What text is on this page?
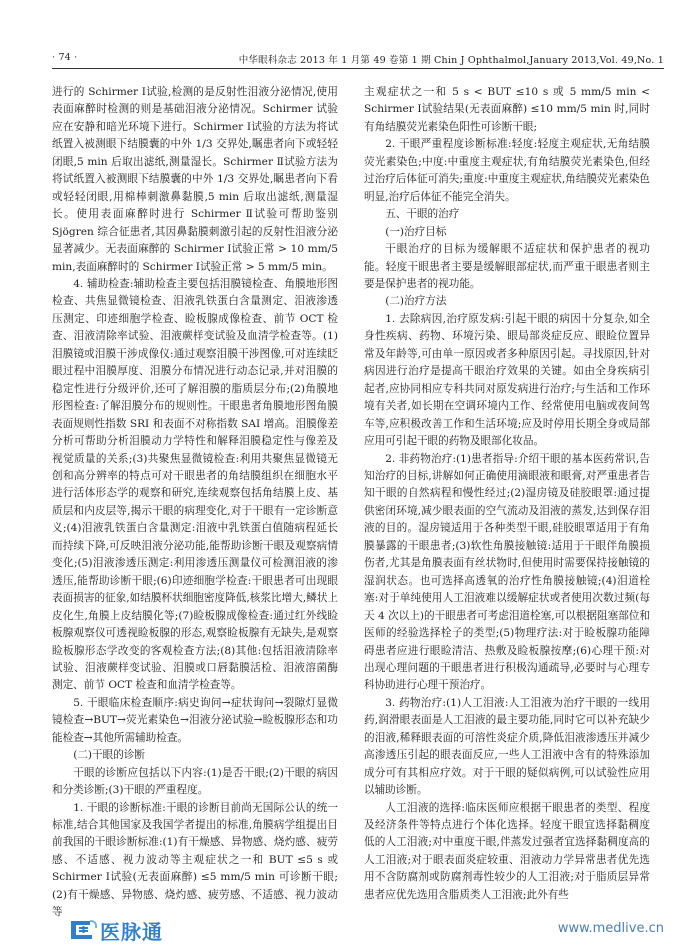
· 74 ·	中华眼科杂志 2013 年 1 月第 49 卷第 1 期 Chin J Ophthalmol,January 2013,Vol. 49,No. 1

进行的 Schirmer Ⅰ试验,检测的是反射性泪液分泌情况,使用表面麻醉时检测的则是基础泪液分泌情况。Schirmer 试验应在安静和暗光环境下进行。Schirmer Ⅰ试验的方法为将试纸置入被测眼下结膜囊的中外 1/3 交界处,瞩患者向下或轻轻闭眼,5 min 后取出滤纸,测量湿长。Schirmer Ⅱ试验方法为将试纸置入被测眼下结膜囊的中外 1/3 交界处,瞩患者向下看或轻轻闭眼,用棉棒刺激鼻黏膜,5 min 后取出滤纸,测量湿长。使用表面麻醉时进行 Schirmer Ⅱ试验可帮助鉴别 Sjögren 综合征患者,其因鼻黏膜刺激引起的反射性泪液分泌显著减少。无表面麻醉的 Schirmer Ⅰ试验正常 > 10 mm/5 min,表面麻醉时的 Schirmer Ⅰ试验正常 > 5 mm/5 min。

4. 辅助检查:辅助检查主要包括泪膜镜检查、角膜地形图检查、共焦显微镜检查、泪液乳铁蛋白含量测定、泪液渗透压测定、印迹细胞学检查、睑板腺成像检查、前节 OCT 检查、泪液清除率试验、泪液蕨样变试验及血清学检查等。(1)泪膜镜或泪膜干涉成像仪:通过观察泪膜干涉图像,可对连续眨眼过程中泪膜厚度、泪膜分布情况进行动态记录,并对泪膜的稳定性进行分级评价,还可了解泪膜的脂质层分布;(2)角膜地形图检查:了解泪膜分布的规则性。干眼患者角膜地形图角膜表面规则性指数 SRI 和表面不对称指数 SAI 增高。泪膜像差分析可帮助分析泪膜动力学特性和解释泪膜稳定性与像差及视觉质量的关系;(3)共聚焦显微镜检查:利用共聚焦显微镜无创和高分辨率的特点可对干眼患者的角结膜组织在细胞水平进行活体形态学的观察和研究,连续观察包括角结膜上皮、基质层和内皮层等,揭示干眼的病理变化,对于干眼有一定诊断意义;(4)泪液乳铁蛋白含量测定:泪液中乳铁蛋白值随病程延长而持续下降,可反映泪液分泌功能,能帮助诊断干眼及观察病情变化;(5)泪液渗透压测定:利用渗透压测量仪可检测泪液的渗透压,能帮助诊断干眼;(6)印迹细胞学检查:干眼患者可出现眼表面损害的征象,如结膜杯状细胞密度降低,核浆比增大,鳞状上皮化生,角膜上皮结膜化等;(7)睑板腺成像检查:通过红外线睑板腺观察仪可透视睑板腺的形态,观察睑板腺有无缺失,是观察睑板腺形态学改变的客观检查方法;(8)其他:包括泪液清除率试验、泪液蕨样变试验、泪膜或口唇黏膜活检、泪液溶菌酶测定、前节 OCT 检查和血清学检查等。

5. 干眼临床检查顺序:病史询问→症状询问→裂隙灯显微镜检查→BUT→荧光素染色→泪液分泌试验→睑板腺形态和功能检查→其他所需辅助检查。

(二)干眼的诊断

干眼的诊断应包括以下内容:(1)是否干眼;(2)干眼的病因和分类诊断;(3)干眼的严重程度。

1. 干眼的诊断标准:干眼的诊断目前尚无国际公认的统一标准,结合其他国家及我国学者提出的标准,角膜病学组提出目前我国的干眼诊断标准:(1)有干燥感、异物感、烧灼感、疲劳感、不适感、视力波动等主观症状之一和 BUT ≤5 s 或 Schirmer Ⅰ试验(无表面麻醉) ≤5 mm/5 min 可诊断干眼;(2)有干燥感、异物感、烧灼感、疲劳感、不适感、视力波动等

主观症状之一和 5 s < BUT ≤10 s 或 5 mm/5 min < Schirmer Ⅰ试验结果(无表面麻醉) ≤10 mm/5 min 时,同时有角结膜荧光素染色阳性可诊断干眼;

2. 干眼严重程度诊断标准:轻度:轻度主观症状,无角结膜荧光素染色;中度:中重度主观症状,有角结膜荧光素染色,但经过治疗后体征可消失;重度:中重度主观症状,角结膜荧光素染色明显,治疗后体征不能完全消失。

五、干眼的治疗

(一)治疗目标

干眼治疗的目标为缓解眼不适症状和保护患者的视功能。轻度干眼患者主要是缓解眼部症状,而严重干眼患者则主要是保护患者的视功能。

(二)治疗方法

1. 去除病因,治疗原发病:引起干眼的病因十分复杂,如全身性疾病、药物、环境污染、眼局部炎症反应、眼睑位置异常及年龄等,可由单一原因或者多种原因引起。寻找原因,针对病因进行治疗是提高干眼治疗效果的关键。如由全身疾病引起者,应协同相应专科共同对原发病进行治疗;与生活和工作环境有关者,如长期在空调环境内工作、经常使用电脑或夜间驾车等,应积极改善工作和生活环境;应及时停用长期全身或局部应用可引起干眼的药物及眼部化妆品。

2. 非药物治疗:(1)患者指导:介绍干眼的基本医药常识,告知治疗的目标,讲解如何正确使用滴眼液和眼膏,对严重患者告知干眼的自然病程和慢性经过;(2)湿房镜及硅胶眼罩:通过提供密闭环境,减少眼表面的空气流动及泪液的蒸发,达到保存泪液的目的。湿房镜适用于各种类型干眼,硅胶眼罩适用于有角膜暴露的干眼患者;(3)软性角膜接触镜:适用于干眼伴角膜损伤者,尤其是角膜表面有丝状物时,但使用时需要保持接触镜的湿润状态。也可选择高透氧的治疗性角膜接触镜;(4)泪道栓塞:对于单纯使用人工泪液难以缓解症状或者使用次数过频(每天 4 次以上)的干眼患者可考虑泪道栓塞,可以根据阻塞部位和医师的经验选择栓子的类型;(5)物理疗法:对于睑板腺功能障碍患者应进行眼睑清洁、热敷及睑板腺按摩;(6)心理干预:对出现心理问题的干眼患者进行积极沟通疏导,必要时与心理专科协助进行心理干预治疗。

3. 药物治疗:(1)人工泪液:人工泪液为治疗干眼的一线用药,润滑眼表面是人工泪液的最主要功能,同时它可以补充缺少的泪液,稀释眼表面的可溶性炎症介质,降低泪液渗透压并减少高渗透压引起的眼表面反应,一些人工泪液中含有的特殊添加成分可有其相应疗效。对于干眼的疑似病例,可以试验性应用以辅助诊断。

人工泪液的选择:临床医师应根据干眼患者的类型、程度及经济条件等特点进行个体化选择。轻度干眼宜选择黏稠度低的人工泪液;对中重度干眼,伴蒸发过强者宜选择黏稠度高的人工泪液;对于眼表面炎症较重、泪液动力学异常患者优先选用不含防腐剂或防腐剂毒性较少的人工泪液;对于脂质层异常患者应优先选用含脂质类人工泪液;此外有些

医脉通	www.medlive.cn
